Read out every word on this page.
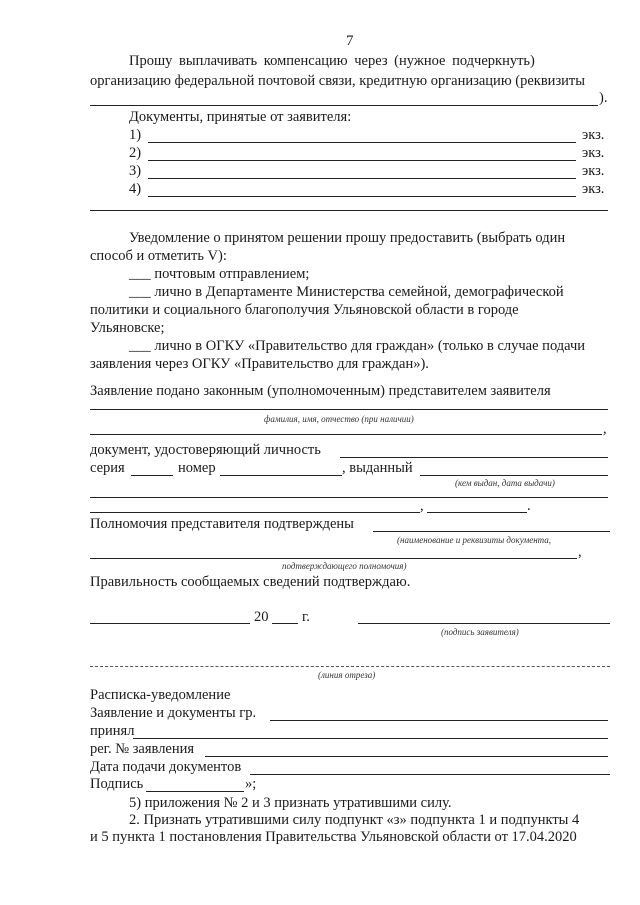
7
Прошу выплачивать компенсацию через (нужное подчеркнуть)
организацию федеральной почтовой связи, кредитную организацию (реквизиты
).
Документы, принятые от заявителя:
1)	экз.
2)	экз.
3)	экз.
4)	экз.
Уведомление о принятом решении прошу предоставить (выбрать один
способ и отметить V):
___ почтовым отправлением;
___ лично в Департаменте Министерства семейной, демографической
политики и социального благополучия Ульяновской области в городе
Ульяновске;
___ лично в ОГКУ «Правительство для граждан» (только в случае подачи
заявления через ОГКУ «Правительство для граждан»).
Заявление подано законным (уполномоченным) представителем заявителя
фамилия, имя, отчество (при наличии)
,
документ, удостоверяющий личность
серия	номер	, выданный
(кем выдан, дата выдачи)
,	.
Полномочия представителя подтверждены
(наименование и реквизиты документа,
,
подтверждающего полномочия)
Правильность сообщаемых сведений подтверждаю.
20 г.
(подпись заявителя)
(линия отреза)
Расписка-уведомление
Заявление и документы гр.
принял
рег. № заявления
Дата подачи документов
Подпись	»;
5) приложения № 2 и 3 признать утратившими силу.
2. Признать утратившими силу подпункт «з» подпункта 1 и подпункты 4
и 5 пункта 1 постановления Правительства Ульяновской области от 17.04.2020
